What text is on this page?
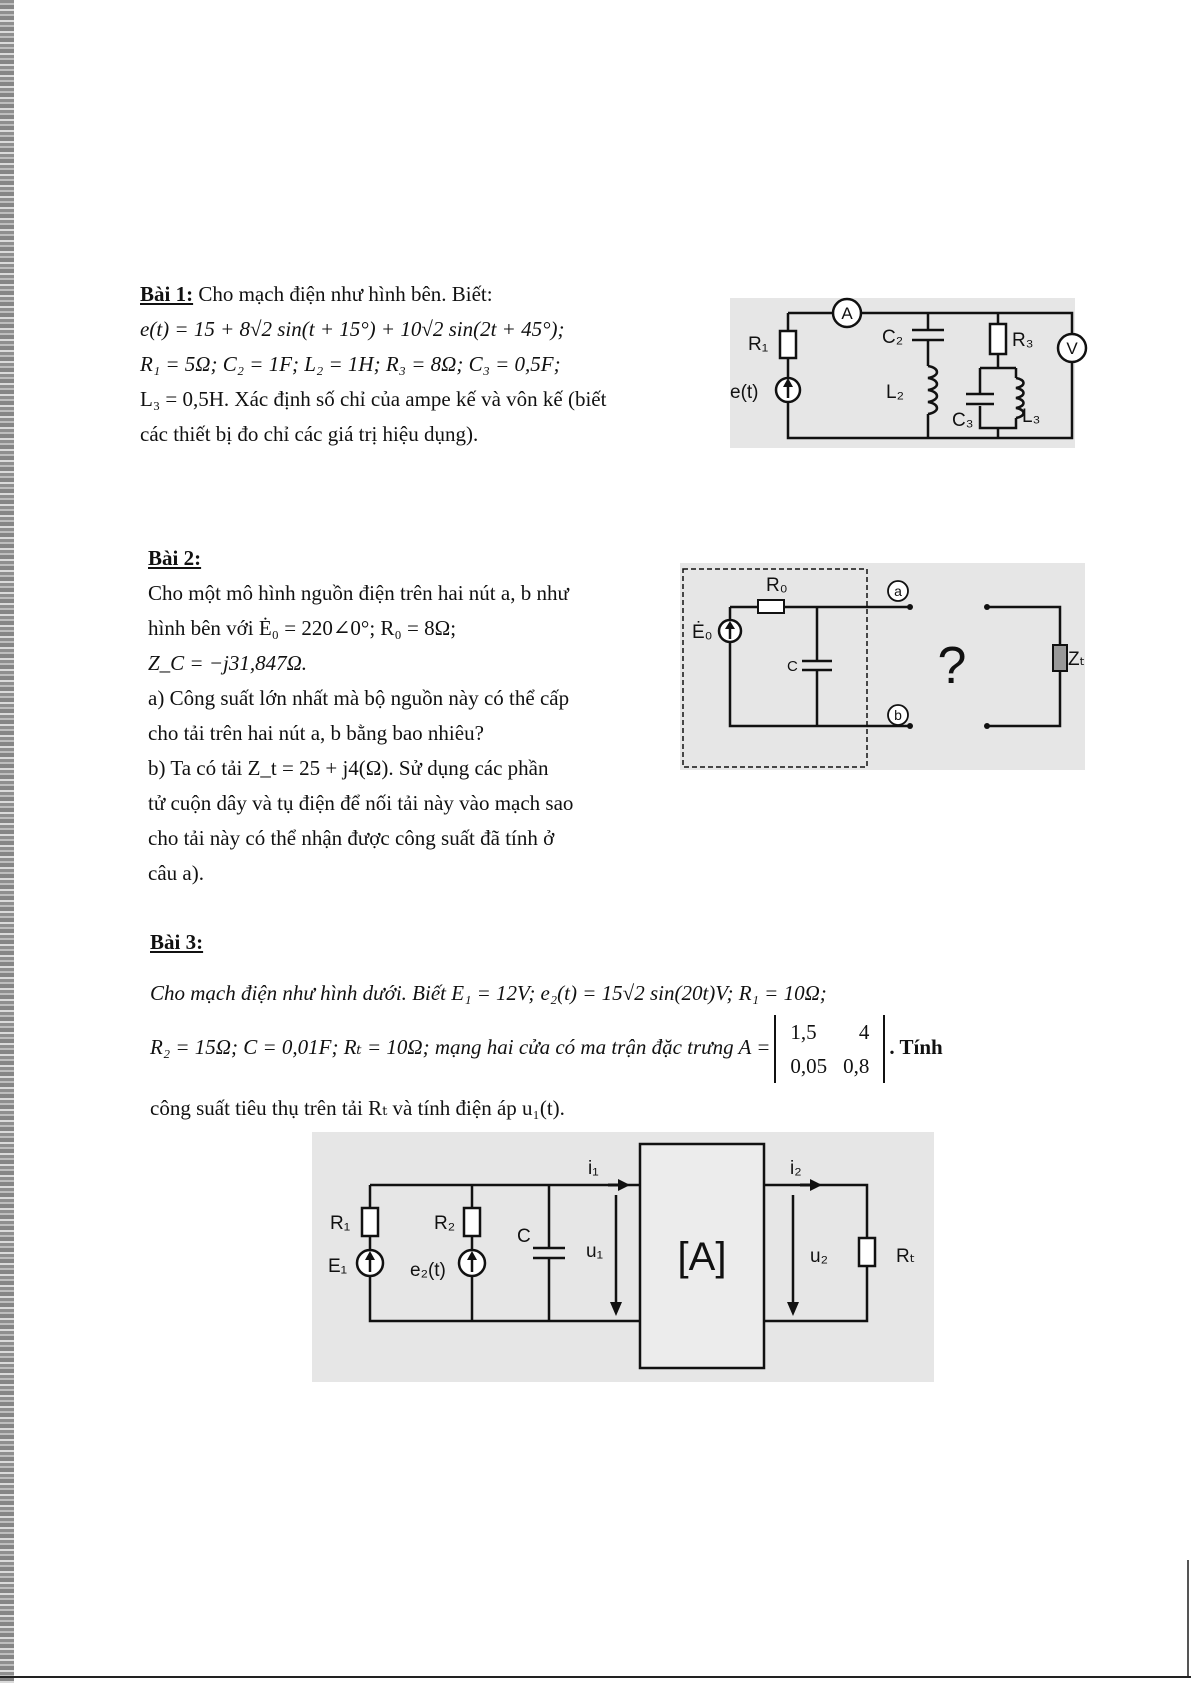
Bài 1: Cho mạch điện như hình bên. Biết:
e(t) = 15 + 8√2 sin(t + 15°) + 10√2 sin(2t + 45°);
R₁ = 5Ω; C₂ = 1F; L₂ = 1H; R₃ = 8Ω; C₃ = 0,5F;
L₃ = 0,5H. Xác định số chỉ của ampe kế và vôn kế (biết
các thiết bị đo chỉ các giá trị hiệu dụng).
A
V
R₁
e(t)
C₂
L₂
R₃
C₃	L₃
Bài 2:
Cho một mô hình nguồn điện trên hai nút a, b như
hình bên với Ė₀ = 220∠0°; R₀ = 8Ω;
Z_C = −j31,847Ω.
a) Công suất lớn nhất mà bộ nguồn này có thể cấp
cho tải trên hai nút a, b bằng bao nhiêu?
b) Ta có tải Z_t = 25 + j4(Ω). Sử dụng các phần
tử cuộn dây và tụ điện để nối tải này vào mạch sao
cho tải này có thể nhận được công suất đã tính ở
câu a).
R₀
Ė₀
C
a
b
?	Zₜ
Bài 3:
Cho mạch điện như hình dưới. Biết E₁ = 12V; e₂(t) = 15√2 sin(20t)V; R₁ = 10Ω;
R₂ = 15Ω; C = 0,01F; Rₜ = 10Ω; mạng hai cửa có ma trận đặc trưng A =
1,5	4
0,05	0,8
. Tính
công suất tiêu thụ trên tải Rₜ và tính điện áp u₁(t).
R₁
E₁
R₂
e₂(t)
C
i₁
u₁ [A]
i₂
u₂	Rₜ
